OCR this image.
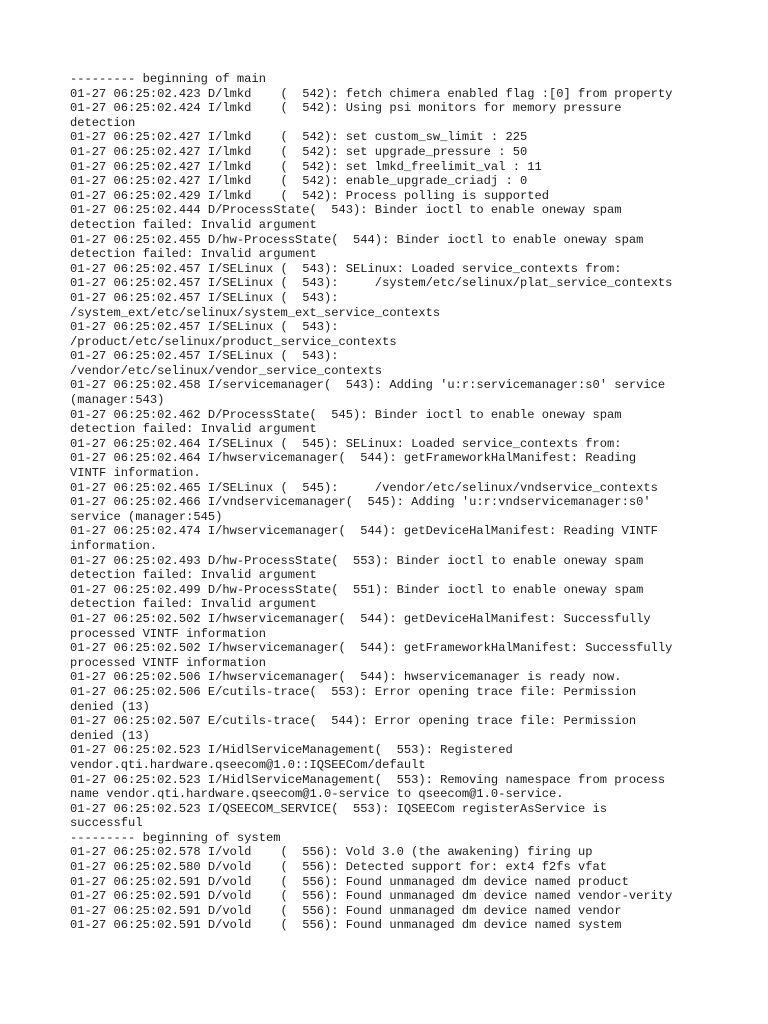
--------- beginning of main
01-27 06:25:02.423 D/lmkd    (  542): fetch chimera enabled flag :[0] from property
01-27 06:25:02.424 I/lmkd    (  542): Using psi monitors for memory pressure
detection
01-27 06:25:02.427 I/lmkd    (  542): set custom_sw_limit : 225
01-27 06:25:02.427 I/lmkd    (  542): set upgrade_pressure : 50
01-27 06:25:02.427 I/lmkd    (  542): set lmkd_freelimit_val : 11
01-27 06:25:02.427 I/lmkd    (  542): enable_upgrade_criadj : 0
01-27 06:25:02.429 I/lmkd    (  542): Process polling is supported
01-27 06:25:02.444 D/ProcessState(  543): Binder ioctl to enable oneway spam
detection failed: Invalid argument
01-27 06:25:02.455 D/hw-ProcessState(  544): Binder ioctl to enable oneway spam
detection failed: Invalid argument
01-27 06:25:02.457 I/SELinux (  543): SELinux: Loaded service_contexts from:
01-27 06:25:02.457 I/SELinux (  543):     /system/etc/selinux/plat_service_contexts
01-27 06:25:02.457 I/SELinux (  543):
/system_ext/etc/selinux/system_ext_service_contexts
01-27 06:25:02.457 I/SELinux (  543):
/product/etc/selinux/product_service_contexts
01-27 06:25:02.457 I/SELinux (  543):
/vendor/etc/selinux/vendor_service_contexts
01-27 06:25:02.458 I/servicemanager(  543): Adding 'u:r:servicemanager:s0' service
(manager:543)
01-27 06:25:02.462 D/ProcessState(  545): Binder ioctl to enable oneway spam
detection failed: Invalid argument
01-27 06:25:02.464 I/SELinux (  545): SELinux: Loaded service_contexts from:
01-27 06:25:02.464 I/hwservicemanager(  544): getFrameworkHalManifest: Reading
VINTF information.
01-27 06:25:02.465 I/SELinux (  545):     /vendor/etc/selinux/vndservice_contexts
01-27 06:25:02.466 I/vndservicemanager(  545): Adding 'u:r:vndservicemanager:s0'
service (manager:545)
01-27 06:25:02.474 I/hwservicemanager(  544): getDeviceHalManifest: Reading VINTF
information.
01-27 06:25:02.493 D/hw-ProcessState(  553): Binder ioctl to enable oneway spam
detection failed: Invalid argument
01-27 06:25:02.499 D/hw-ProcessState(  551): Binder ioctl to enable oneway spam
detection failed: Invalid argument
01-27 06:25:02.502 I/hwservicemanager(  544): getDeviceHalManifest: Successfully
processed VINTF information
01-27 06:25:02.502 I/hwservicemanager(  544): getFrameworkHalManifest: Successfully
processed VINTF information
01-27 06:25:02.506 I/hwservicemanager(  544): hwservicemanager is ready now.
01-27 06:25:02.506 E/cutils-trace(  553): Error opening trace file: Permission
denied (13)
01-27 06:25:02.507 E/cutils-trace(  544): Error opening trace file: Permission
denied (13)
01-27 06:25:02.523 I/HidlServiceManagement(  553): Registered
vendor.qti.hardware.qseecom@1.0::IQSEECom/default
01-27 06:25:02.523 I/HidlServiceManagement(  553): Removing namespace from process
name vendor.qti.hardware.qseecom@1.0-service to qseecom@1.0-service.
01-27 06:25:02.523 I/QSEECOM_SERVICE(  553): IQSEECom registerAsService is
successful
--------- beginning of system
01-27 06:25:02.578 I/vold    (  556): Vold 3.0 (the awakening) firing up
01-27 06:25:02.580 D/vold    (  556): Detected support for: ext4 f2fs vfat
01-27 06:25:02.591 D/vold    (  556): Found unmanaged dm device named product
01-27 06:25:02.591 D/vold    (  556): Found unmanaged dm device named vendor-verity
01-27 06:25:02.591 D/vold    (  556): Found unmanaged dm device named vendor
01-27 06:25:02.591 D/vold    (  556): Found unmanaged dm device named system
